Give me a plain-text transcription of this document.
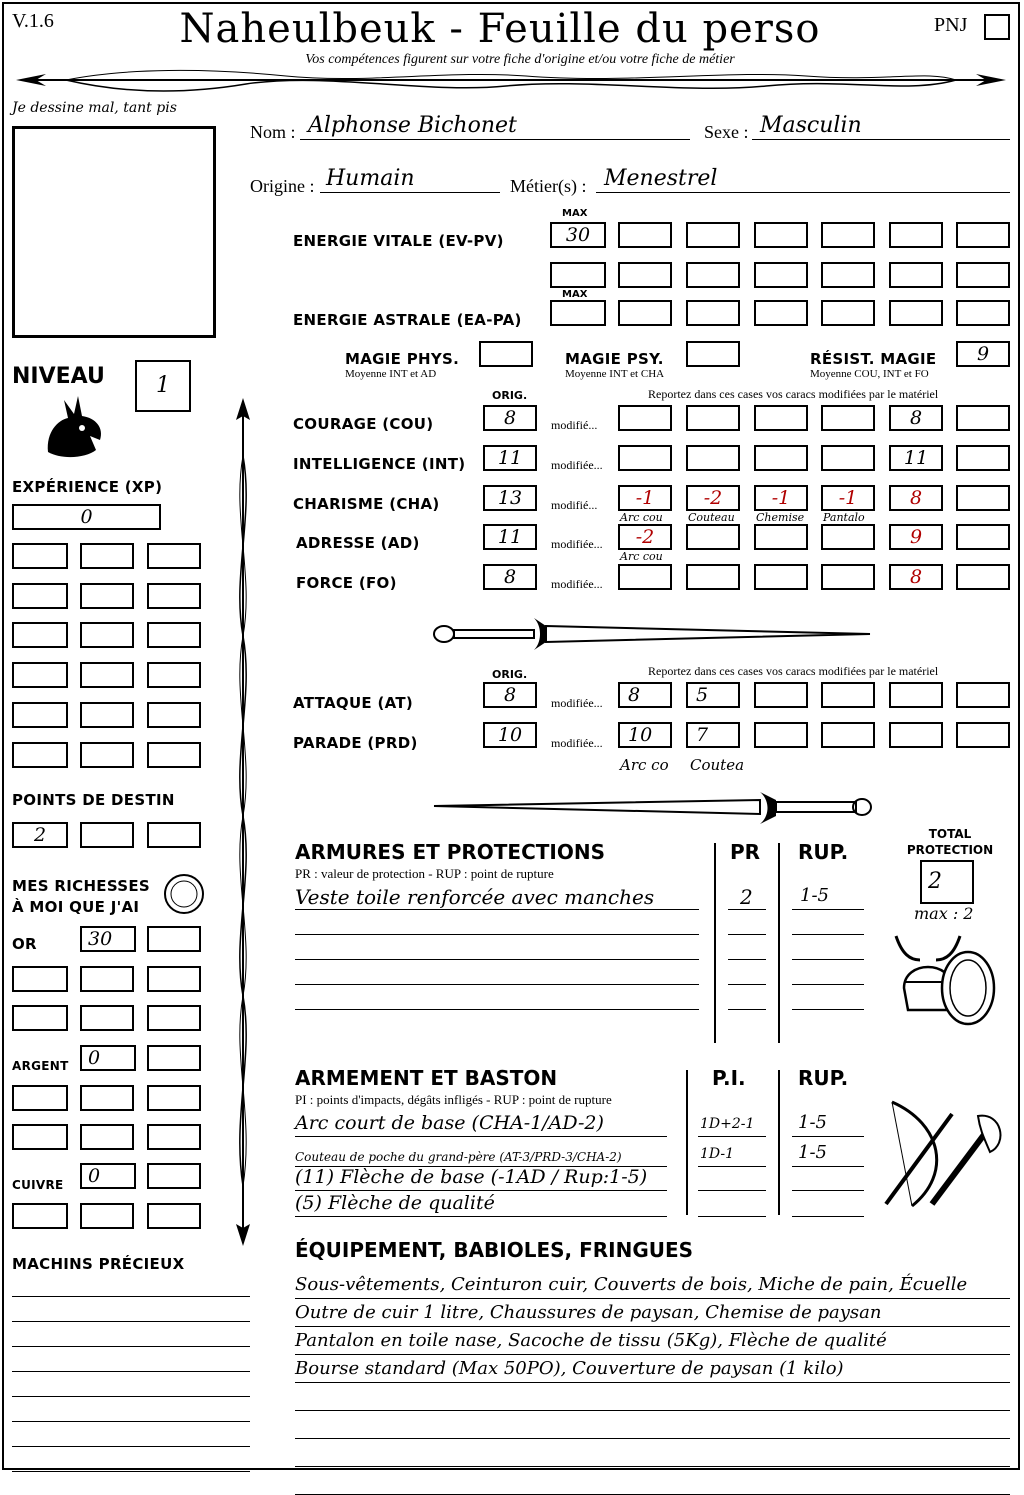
V.1.6	Naheulbeuk - Feuille du perso
Vos compétences figurent sur votre fiche d'origine et/ou votre fiche de métier
PNJ
Je dessine mal, tant pis
Nom : Alphonse Bichonet	Sexe : Masculin
Origine : Humain	Métier(s) : Menestrel
ENERGIE VITALE (EV-PV)
MAX
30
ENERGIE ASTRALE (EA-PA)
MAX
MAGIE PHYS.
Moyenne INT et AD
MAGIE PSY.
Moyenne INT et CHA
RÉSIST. MAGIE
Moyenne COU, INT et FO
9
NIVEAU	1
EXPÉRIENCE (XP)
0
POINTS DE DESTIN
2
MES RICHESSES
À MOI QUE J'AI
OR	30
ARGENT	0
CUIVRE	0
MACHINS PRÉCIEUX
ORIG.	Reportez dans ces cases vos caracs modifiées par le matériel
COURAGE (COU)	8	modifié...	8
INTELLIGENCE (INT)	11	modifiée...	11
CHARISME (CHA)	13	modifié...	-1	-2	-1	-1	8
Arc cou Couteau Chemise Pantalo
ADRESSE (AD)	11	modifiée...	-2	9
Arc cou
FORCE (FO)	8	modifiée...	8
ORIG.	Reportez dans ces cases vos caracs modifiées par le matériel
ATTAQUE (AT)	8	modifiée...	8	5
PARADE (PRD)	10	modifiée...	10	7
Arc co Coutea
ARMURES ET PROTECTIONS
PR : valeur de protection - RUP : point de rupture
PR RUP.
Veste toile renforcée avec manches	2	1-5
TOTAL
PROTECTION
2
max : 2
ARMEMENT ET BASTON
PI : points d'impacts, dégâts infligés - RUP : point de rupture
P.I.	RUP.
Arc court de base (CHA-1/AD-2)	1D+2-1 1-5
Couteau de poche du grand-père (AT-3/PRD-3/CHA-2)	1D-1	1-5
(11) Flèche de base (-1AD / Rup:1-5)
(5) Flèche de qualité
ÉQUIPEMENT, BABIOLES, FRINGUES
Sous-vêtements, Ceinturon cuir, Couverts de bois, Miche de pain, Écuelle
Outre de cuir 1 litre, Chaussures de paysan, Chemise de paysan
Pantalon en toile nase, Sacoche de tissu (5Kg), Flèche de qualité
Bourse standard (Max 50PO), Couverture de paysan (1 kilo)
